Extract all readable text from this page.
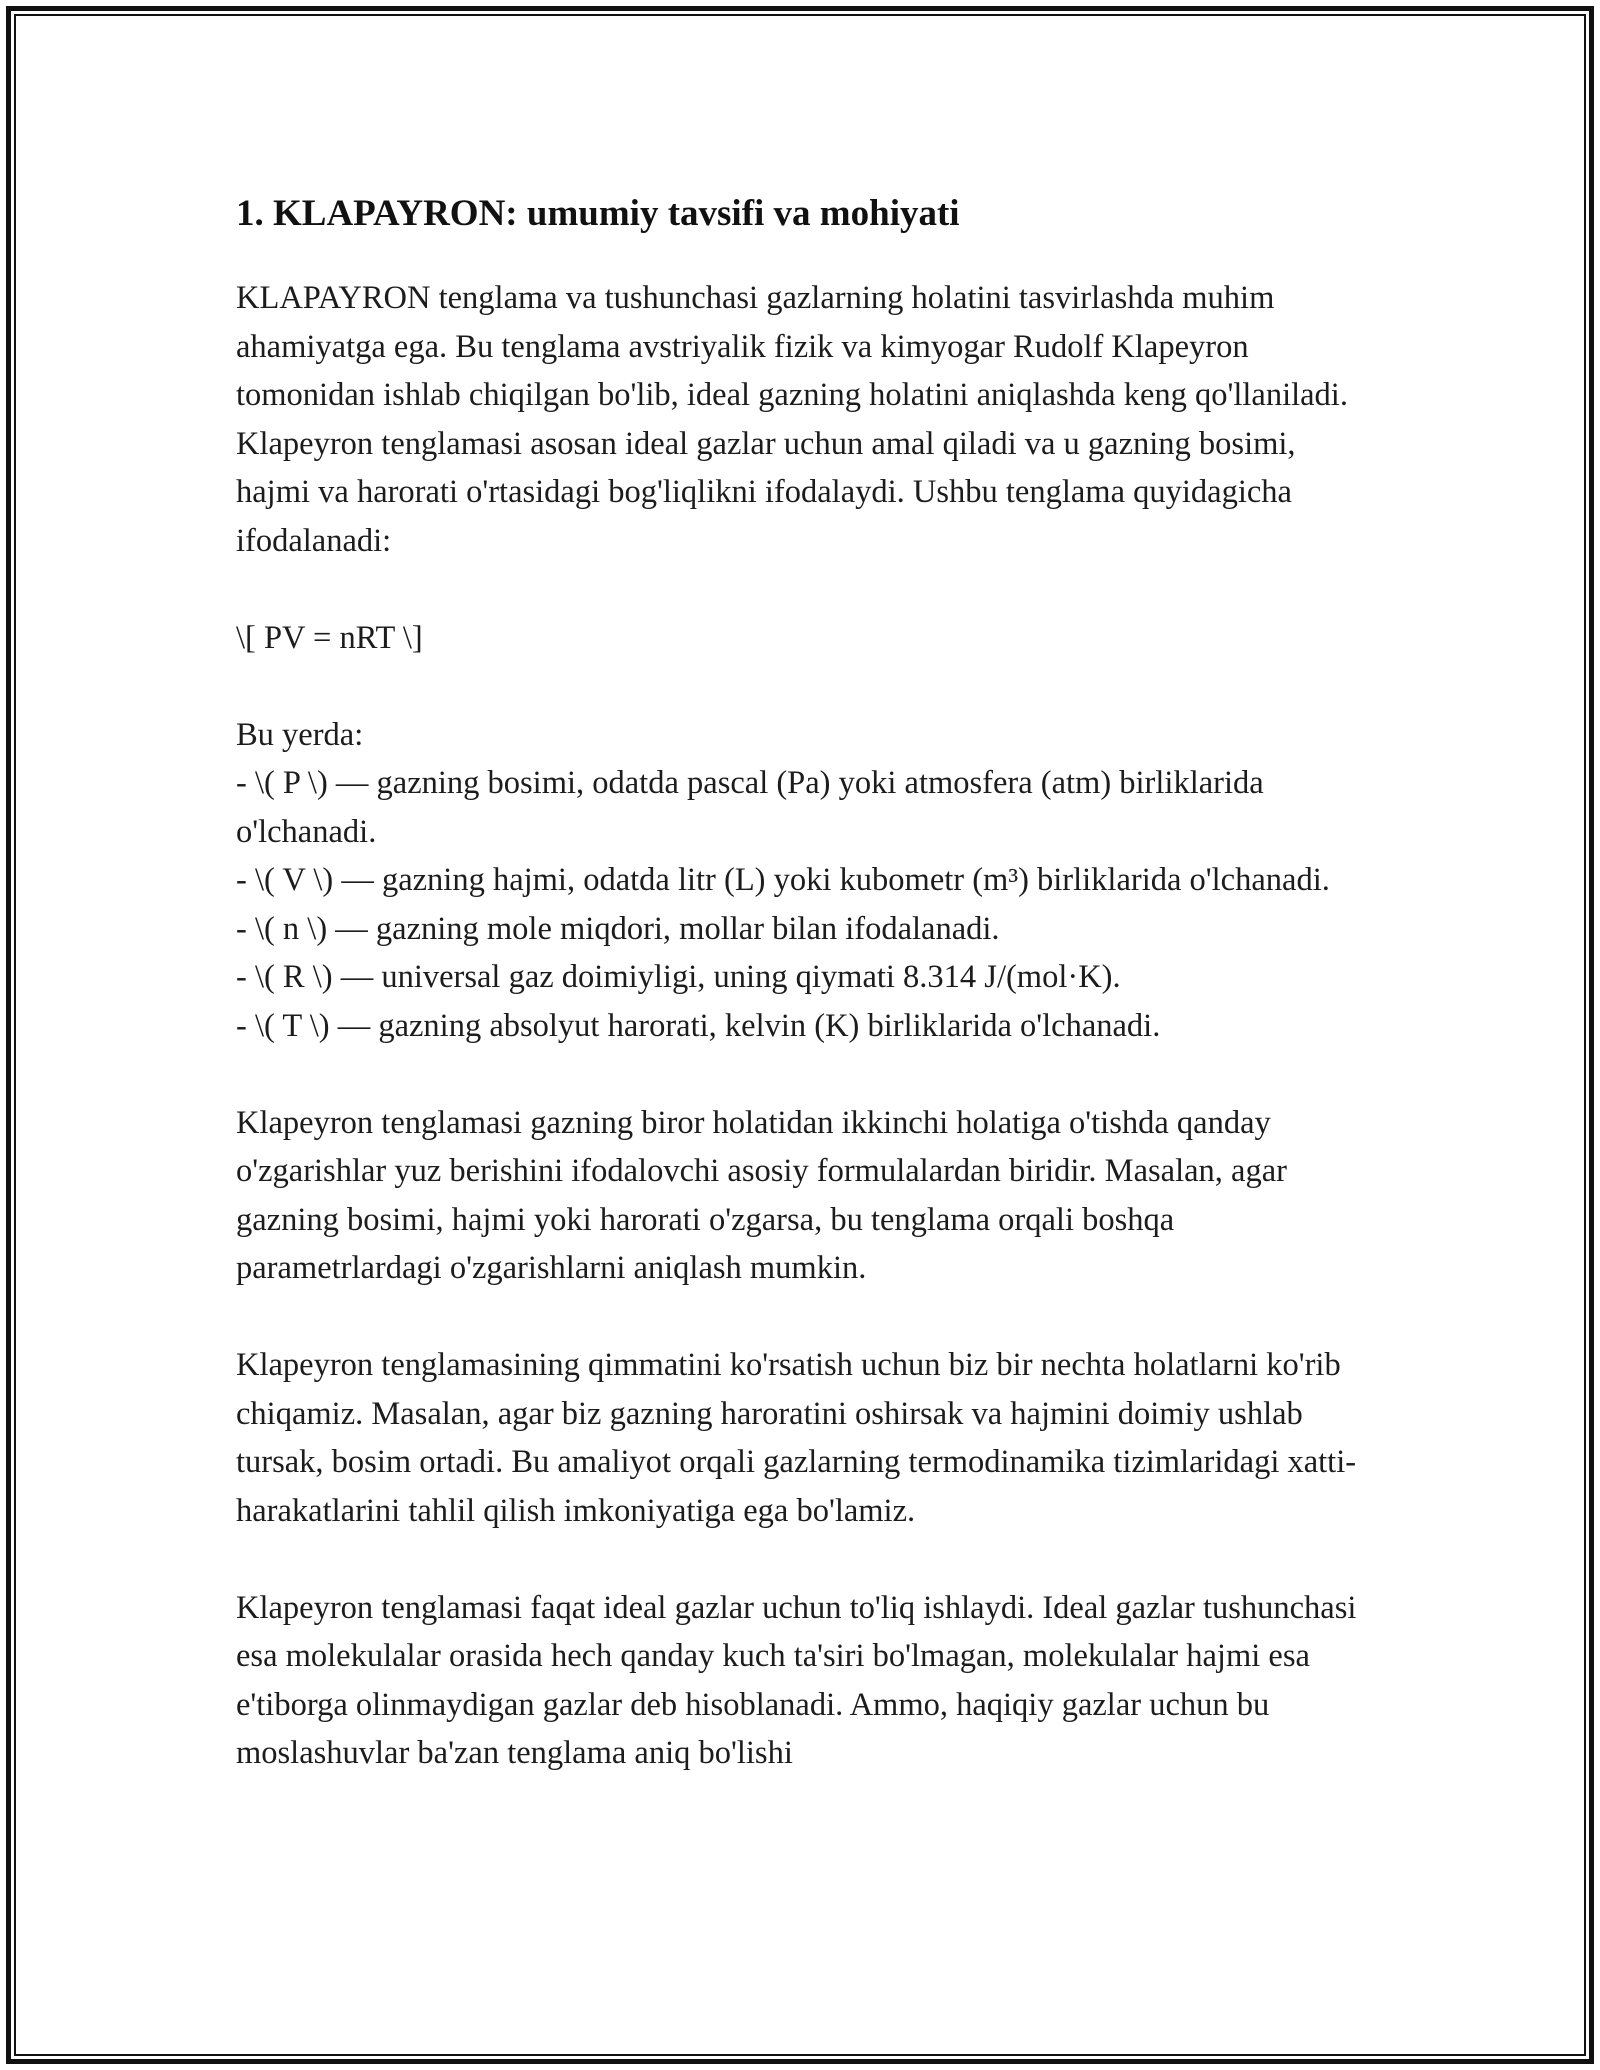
1. KLAPAYRON: umumiy tavsifi va mohiyati

KLAPAYRON tenglama va tushunchasi gazlarning holatini tasvirlashda muhim ahamiyatga ega. Bu tenglama avstriyalik fizik va kimyogar Rudolf Klapeyron tomonidan ishlab chiqilgan bo'lib, ideal gazning holatini aniqlashda keng qo'llaniladi. Klapeyron tenglamasi asosan ideal gazlar uchun amal qiladi va u gazning bosimi, hajmi va harorati o'rtasidagi bog'liqlikni ifodalaydi. Ushbu tenglama quyidagicha ifodalanadi:

\[ PV = nRT \]

Bu yerda:
- \( P \) — gazning bosimi, odatda pascal (Pa) yoki atmosfera (atm) birliklarida o'lchanadi.
- \( V \) — gazning hajmi, odatda litr (L) yoki kubometr (m³) birliklarida o'lchanadi.
- \( n \) — gazning mole miqdori, mollar bilan ifodalanadi.
- \( R \) — universal gaz doimiyligi, uning qiymati 8.314 J/(mol·K).
- \( T \) — gazning absolyut harorati, kelvin (K) birliklarida o'lchanadi.

Klapeyron tenglamasi gazning biror holatidan ikkinchi holatiga o'tishda qanday o'zgarishlar yuz berishini ifodalovchi asosiy formulalardan biridir. Masalan, agar gazning bosimi, hajmi yoki harorati o'zgarsa, bu tenglama orqali boshqa parametrlardagi o'zgarishlarni aniqlash mumkin.

Klapeyron tenglamasining qimmatini ko'rsatish uchun biz bir nechta holatlarni ko'rib chiqamiz. Masalan, agar biz gazning haroratini oshirsak va hajmini doimiy ushlab tursak, bosim ortadi. Bu amaliyot orqali gazlarning termodinamika tizimlaridagi xatti-harakatlarini tahlil qilish imkoniyatiga ega bo'lamiz.

Klapeyron tenglamasi faqat ideal gazlar uchun to'liq ishlaydi. Ideal gazlar tushunchasi esa molekulalar orasida hech qanday kuch ta'siri bo'lmagan, molekulalar hajmi esa e'tiborga olinmaydigan gazlar deb hisoblanadi. Ammo, haqiqiy gazlar uchun bu moslashuvlar ba'zan tenglama aniq bo'lishi
